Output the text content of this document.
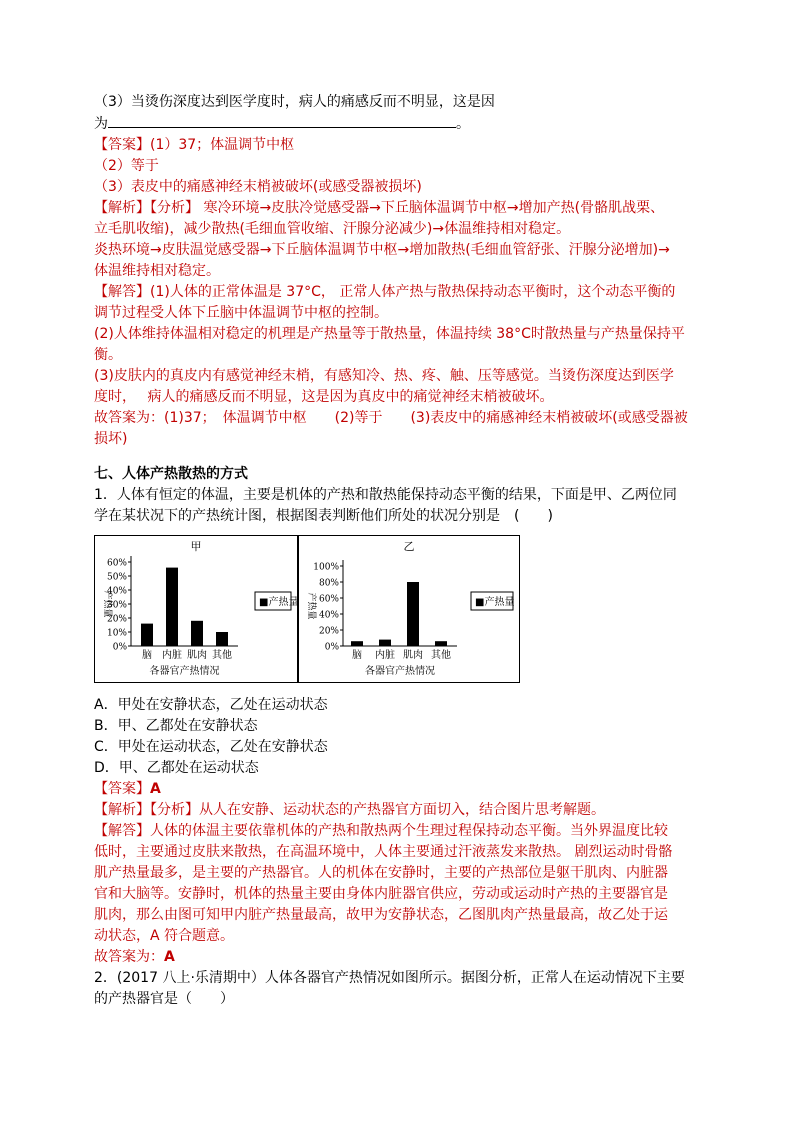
（3）当烫伤深度达到医学度时，病人的痛感反而不明显，这是因

为	。

【答案】(1）37；体温调节中枢

（2）等于

（3）表皮中的痛感神经末梢被破坏(或感受器被损坏)

【解析】【分析】 寒冷环境→皮肤冷觉感受器→下丘脑体温调节中枢→增加产热(骨骼肌战栗、

立毛肌收缩)，减少散热(毛细血管收缩、汗腺分泌减少)→体温维持相对稳定。

炎热环境→皮肤温觉感受器→下丘脑体温调节中枢→增加散热(毛细血管舒张、汗腺分泌增加)→

体温维持相对稳定。

【解答】(1)人体的正常体温是 37°C， 正常人体产热与散热保持动态平衡时，这个动态平衡的

调节过程受人体下丘脑中体温调节中枢的控制。

(2)人体维持体温相对稳定的机理是产热量等于散热量，体温持续 38°C时散热量与产热量保持平

衡。

(3)皮肤内的真皮内有感觉神经末梢，有感知冷、热、疼、触、压等感觉。当烫伤深度达到医学

度时，　 病人的痛感反而不明显，这是因为真皮中的痛觉神经末梢被破坏。

故答案为：(1)37；　体温调节中枢　　(2)等于　　(3)表皮中的痛感神经末梢被破坏(或感受器被

损坏)

七、人体产热散热的方式

1．人体有恒定的体温，主要是机体的产热和散热能保持动态平衡的结果，下面是甲、乙两位同

学在某状况下的产热统计图，根据图表判断他们所处的状况分别是　(　　)

甲
60%
50%
40%
30%
20%
10%
0%
产热量
脑 内脏 肌肉 其他
各器官产热情况
■产热量
乙
100%
80%
60%
40%
20%
0%
产热量
脑 内脏 肌肉 其他
各器官产热情况
■产热量

A．甲处在安静状态，乙处在运动状态

B．甲、乙都处在安静状态

C．甲处在运动状态，乙处在安静状态

D．甲、乙都处在运动状态

【答案】A

【解析】【分析】从人在安静、运动状态的产热器官方面切入，结合图片思考解题。

【解答】人体的体温主要依靠机体的产热和散热两个生理过程保持动态平衡。当外界温度比较

低时，主要通过皮肤来散热，在高温环境中，人体主要通过汗液蒸发来散热。 剧烈运动时骨骼

肌产热量最多，是主要的产热器官。人的机体在安静时，主要的产热部位是躯干肌肉、内脏器

官和大脑等。安静时，机体的热量主要由身体内脏器官供应，劳动或运动时产热的主要器官是

肌肉，那么由图可知甲内脏产热量最高，故甲为安静状态，乙图肌肉产热量最高，故乙处于运

动状态，A 符合题意。

故答案为：A

2．(2017 八上·乐清期中）人体各器官产热情况如图所示。据图分析，正常人在运动情况下主要

的产热器官是（　　）
